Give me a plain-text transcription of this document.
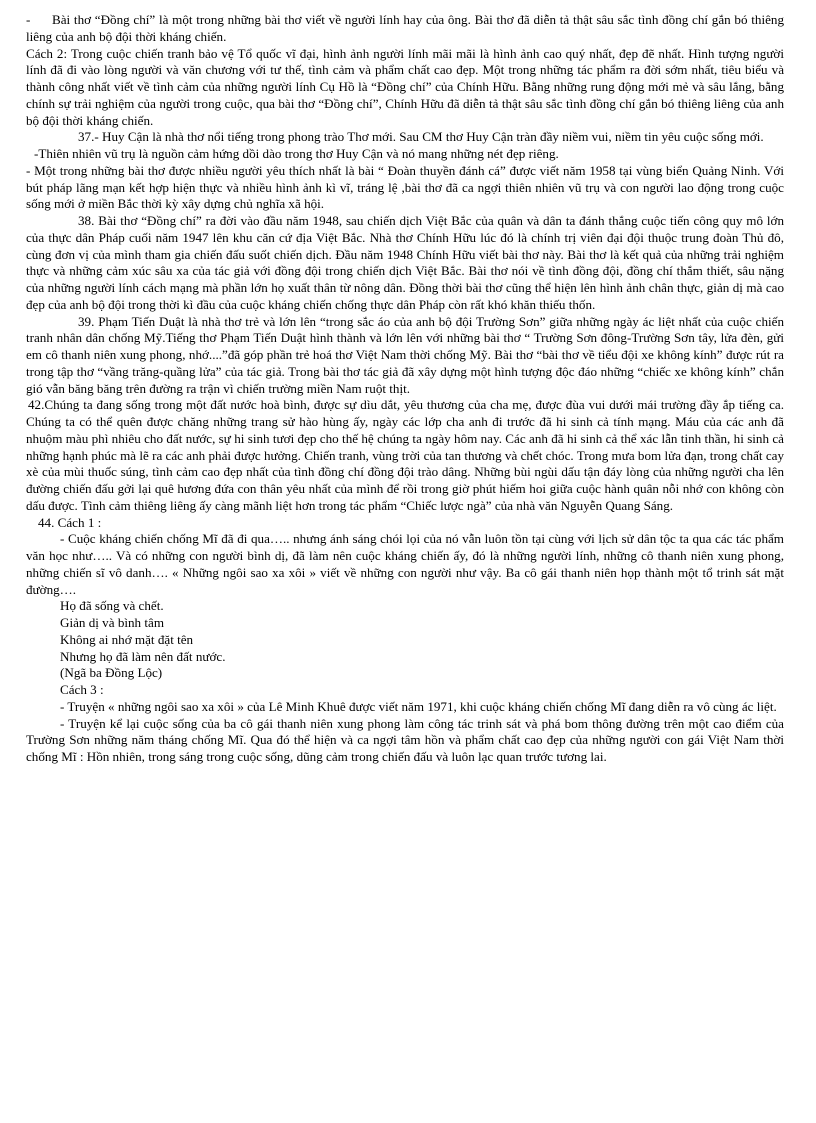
- Bài thơ “Đồng chí” là một trong những bài thơ viết về người lính hay của ông. Bài thơ đã diễn tả thật sâu sắc tình đồng chí gắn bó thiêng liêng của anh bộ đội thời kháng chiến.

Cách 2: Trong cuộc chiến tranh bảo vệ Tổ quốc vĩ đại, hình ảnh người lính mãi mãi là hình ảnh cao quý nhất, đẹp đẽ nhất. Hình tượng người lính đã đi vào lòng người và văn chương với tư thế, tình cảm và phẩm chất cao đẹp. Một trong những tác phẩm ra đời sớm nhất, tiêu biểu và thành công nhất viết về tình cảm của những người lính Cụ Hồ là “Đồng chí” của Chính Hữu. Bằng những rung động mới mẻ và sâu lắng, bằng chính sự trải nghiệm của người trong cuộc, qua bài thơ “Đồng chí”, Chính Hữu đã diễn tả thật sâu sắc tình đồng chí gắn bó thiêng liêng của anh bộ đội thời kháng chiến.

37.- Huy Cận là nhà thơ nổi tiếng trong phong trào Thơ mới. Sau CM thơ Huy Cận tràn đầy niềm vui, niềm tin yêu cuộc sống mới.

-Thiên nhiên vũ trụ là nguồn cảm hứng dồi dào trong thơ Huy Cận và nó mang những nét đẹp riêng.

- Một trong những bài thơ được nhiều người yêu thích nhất là bài “ Đoàn thuyền đánh cá” được viết năm 1958 tại vùng biển Quảng Ninh. Với bút pháp lãng mạn kết hợp hiện thực và nhiều hình ảnh kì vĩ, tráng lệ ,bài thơ đã ca ngợi thiên nhiên vũ trụ và con người lao động trong cuộc sống mới ở miền Bắc thời kỳ xây dựng chủ nghĩa xã hội.

38. Bài thơ “Đồng chí” ra đời vào đầu năm 1948, sau chiến dịch Việt Bắc của quân và dân ta đánh thắng cuộc tiến công quy mô lớn của thực dân Pháp cuối năm 1947 lên khu căn cứ địa Việt Bắc. Nhà thơ Chính Hữu lúc đó là chính trị viên đại đội thuộc trung đoàn Thủ đô, cùng đơn vị của mình tham gia chiến đấu suốt chiến dịch. Đầu năm 1948 Chính Hữu viết bài thơ này. Bài thơ là kết quả của những trải nghiệm thực và những cảm xúc sâu xa của tác giả với đồng đội trong chiến dịch Việt Bắc. Bài thơ nói về tình đồng đội, đồng chí thắm thiết, sâu nặng của những người lính cách mạng mà phần lớn họ xuất thân từ nông dân. Đồng thời bài thơ cũng thể hiện lên hình ảnh chân thực, giản dị mà cao đẹp của anh bộ đội trong thời kì đầu của cuộc kháng chiến chống thực dân Pháp còn rất khó khăn thiếu thốn.

39. Phạm Tiến Duật là nhà thơ trẻ và lớn lên “trong sắc áo của anh bộ đội Trường Sơn” giữa những ngày ác liệt nhất của cuộc chiến tranh nhân dân chống Mỹ.Tiếng thơ Phạm Tiến Duật hình thành và lớn lên với những bài thơ “ Trường Sơn đông-Trường Sơn tây, lửa đèn, gửi em cô thanh niên xung phong, nhớ....”đã góp phần trẻ hoá thơ Việt Nam thời chống Mỹ. Bài thơ “bài thơ về tiểu đội xe không kính” được rút ra trong tập thơ “vầng trăng-quầng lửa” của tác giả. Trong bài thơ tác giả đã xây dựng một hình tượng độc đáo những “chiếc xe không kính” chắn gió vẫn băng băng trên đường ra trận vì chiến trường miền Nam ruột thịt.

42.Chúng ta đang sống trong một đất nước hoà bình, được sự dìu dắt, yêu thương của cha mẹ, được đùa vui dưới mái trường đầy ắp tiếng ca. Chúng ta có thể quên được chăng những trang sử hào hùng ấy, ngày các lớp cha anh đi trước đã hi sinh cả tính mạng. Máu của các anh đã nhuộm màu phì nhiêu cho đất nước, sự hi sinh tươi đẹp cho thế hệ chúng ta ngày hôm nay. Các anh đã hi sinh cả thể xác lẫn tinh thần, hi sinh cả những hạnh phúc mà lẽ ra các anh phải được hưởng. Chiến tranh, vùng trời của tan thương và chết chóc. Trong mưa bom lửa đạn, trong chất cay xè của mùi thuốc súng, tình cảm cao đẹp nhất của tình đồng chí đồng đội trào dâng. Những bùi ngùi dấu tận đáy lòng của những người cha lên đường chiến đấu gởi lại quê hương đứa con thân yêu nhất của mình để rồi trong giờ phút hiếm hoi giữa cuộc hành quân nỗi nhớ con không còn dấu được. Tình cảm thiêng liêng ấy càng mãnh liệt hơn trong tác phẩm “Chiếc lược ngà” của nhà văn Nguyễn Quang Sáng.

44. Cách 1 :

- Cuộc kháng chiến chống Mĩ đã đi qua….. nhưng ánh sáng chói lọi của nó vẫn luôn tồn tại cùng với lịch sử dân tộc ta qua các tác phẩm văn học như….. Và có những con người bình dị, đã làm nên cuộc kháng chiến ấy, đó là những người lính, những cô thanh niên xung phong, những chiến sĩ vô danh…. « Những ngôi sao xa xôi » viết về những con người như vậy. Ba cô gái thanh niên họp thành một tổ trinh sát mặt đường….

Họ đã sống và chết.

Giản dị và bình tâm

Không ai nhớ mặt đặt tên

Nhưng họ đã làm nên đất nước.

(Ngã ba Đồng Lộc)

Cách 3 :

- Truyện « những ngôi sao xa xôi » của Lê Minh Khuê được viết năm 1971, khi cuộc kháng chiến chống Mĩ đang diễn ra vô cùng ác liệt.

- Truyện kể lại cuộc sống của ba cô gái thanh niên xung phong làm công tác trinh sát và phá bom thông đường trên một cao điểm của Trường Sơn những năm tháng chống Mĩ. Qua đó thể hiện và ca ngợi tâm hồn và phẩm chất cao đẹp của những người con gái Việt Nam thời chống Mĩ : Hồn nhiên, trong sáng trong cuộc sống, dũng cảm trong chiến đấu và luôn lạc quan trước tương lai.
